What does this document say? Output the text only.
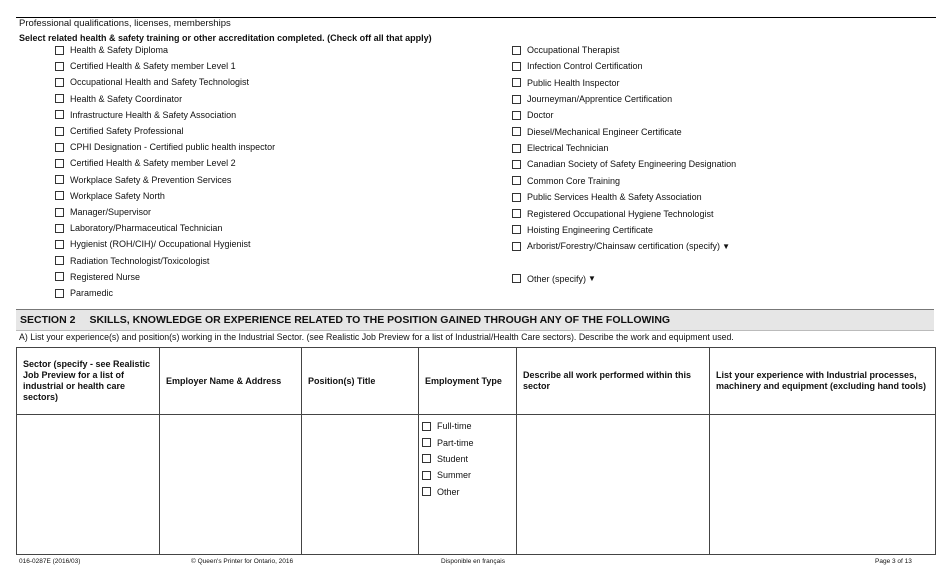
Professional qualifications, licenses, memberships
Select related health & safety training or other accreditation completed. (Check off all that apply)
Health & Safety Diploma
Certified Health & Safety member Level 1
Occupational Health and Safety Technologist
Health & Safety Coordinator
Infrastructure Health & Safety Association
Certified Safety Professional
CPHI Designation - Certified public health inspector
Certified Health & Safety member Level 2
Workplace Safety & Prevention Services
Workplace Safety North
Manager/Supervisor
Laboratory/Pharmaceutical Technician
Hygienist (ROH/CIH)/ Occupational Hygienist
Radiation Technologist/Toxicologist
Registered Nurse
Paramedic
Occupational Therapist
Infection Control Certification
Public Health Inspector
Journeyman/Apprentice Certification
Doctor
Diesel/Mechanical Engineer Certificate
Electrical Technician
Canadian Society of Safety Engineering Designation
Common Core Training
Public Services Health & Safety Association
Registered Occupational Hygiene Technologist
Hoisting Engineering Certificate
Arborist/Forestry/Chainsaw certification (specify) ▼
Other (specify) ▼
SECTION 2 SKILLS, KNOWLEDGE OR EXPERIENCE RELATED TO THE POSITION GAINED THROUGH ANY OF THE FOLLOWING
A) List your experience(s) and position(s) working in the Industrial Sector. (see Realistic Job Preview for a list of Industrial/Health Care sectors). Describe the work and equipment used.
Sector (specify - see Realistic Job Preview for a list of industrial or health care sectors)	Employer Name & Address	Position(s) Title	Employment Type	Describe all work performed within this sector	List your experience with Industrial processes, machinery and equipment (excluding hand tools)

			Full-time
Part-time
Student
Summer
Other		

016-0287E (2016/03)	© Queen's Printer for Ontario, 2016	Disponible en français	Page 3 of 13
